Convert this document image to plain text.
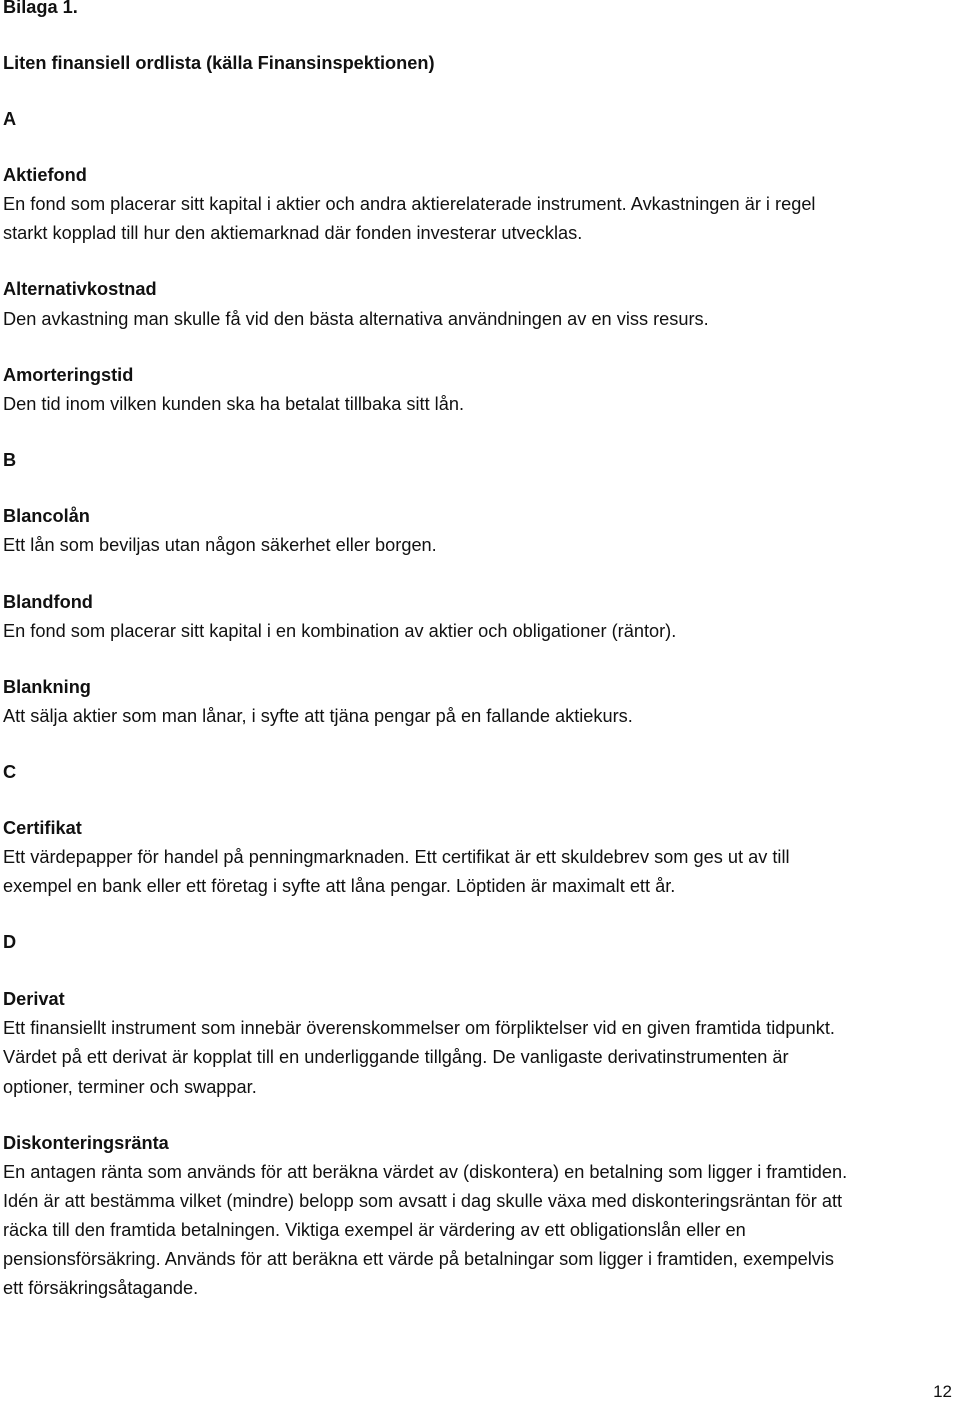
Bilaga 1.
Liten finansiell ordlista (källa Finansinspektionen)
A
Aktiefond
En fond som placerar sitt kapital i aktier och andra aktierelaterade instrument. Avkastningen är i regel
starkt kopplad till hur den aktiemarknad där fonden investerar utvecklas.
Alternativkostnad
Den avkastning man skulle få vid den bästa alternativa användningen av en viss resurs.
Amorteringstid
Den tid inom vilken kunden ska ha betalat tillbaka sitt lån.
B
Blancolån
Ett lån som beviljas utan någon säkerhet eller borgen.
Blandfond
En fond som placerar sitt kapital i en kombination av aktier och obligationer (räntor).
Blankning
Att sälja aktier som man lånar, i syfte att tjäna pengar på en fallande aktiekurs.
C
Certifikat
Ett värdepapper för handel på penningmarknaden. Ett certifikat är ett skuldebrev som ges ut av till
exempel en bank eller ett företag i syfte att låna pengar. Löptiden är maximalt ett år.
D
Derivat
Ett finansiellt instrument som innebär överenskommelser om förpliktelser vid en given framtida tidpunkt.
Värdet på ett derivat är kopplat till en underliggande tillgång. De vanligaste derivatinstrumenten är
optioner, terminer och swappar.
Diskonteringsränta
En antagen ränta som används för att beräkna värdet av (diskontera) en betalning som ligger i framtiden.
Idén är att bestämma vilket (mindre) belopp som avsatt i dag skulle växa med diskonteringsräntan för att
räcka till den framtida betalningen. Viktiga exempel är värdering av ett obligationslån eller en
pensionsförsäkring. Används för att beräkna ett värde på betalningar som ligger i framtiden, exempelvis
ett försäkringsåtagande.
12
